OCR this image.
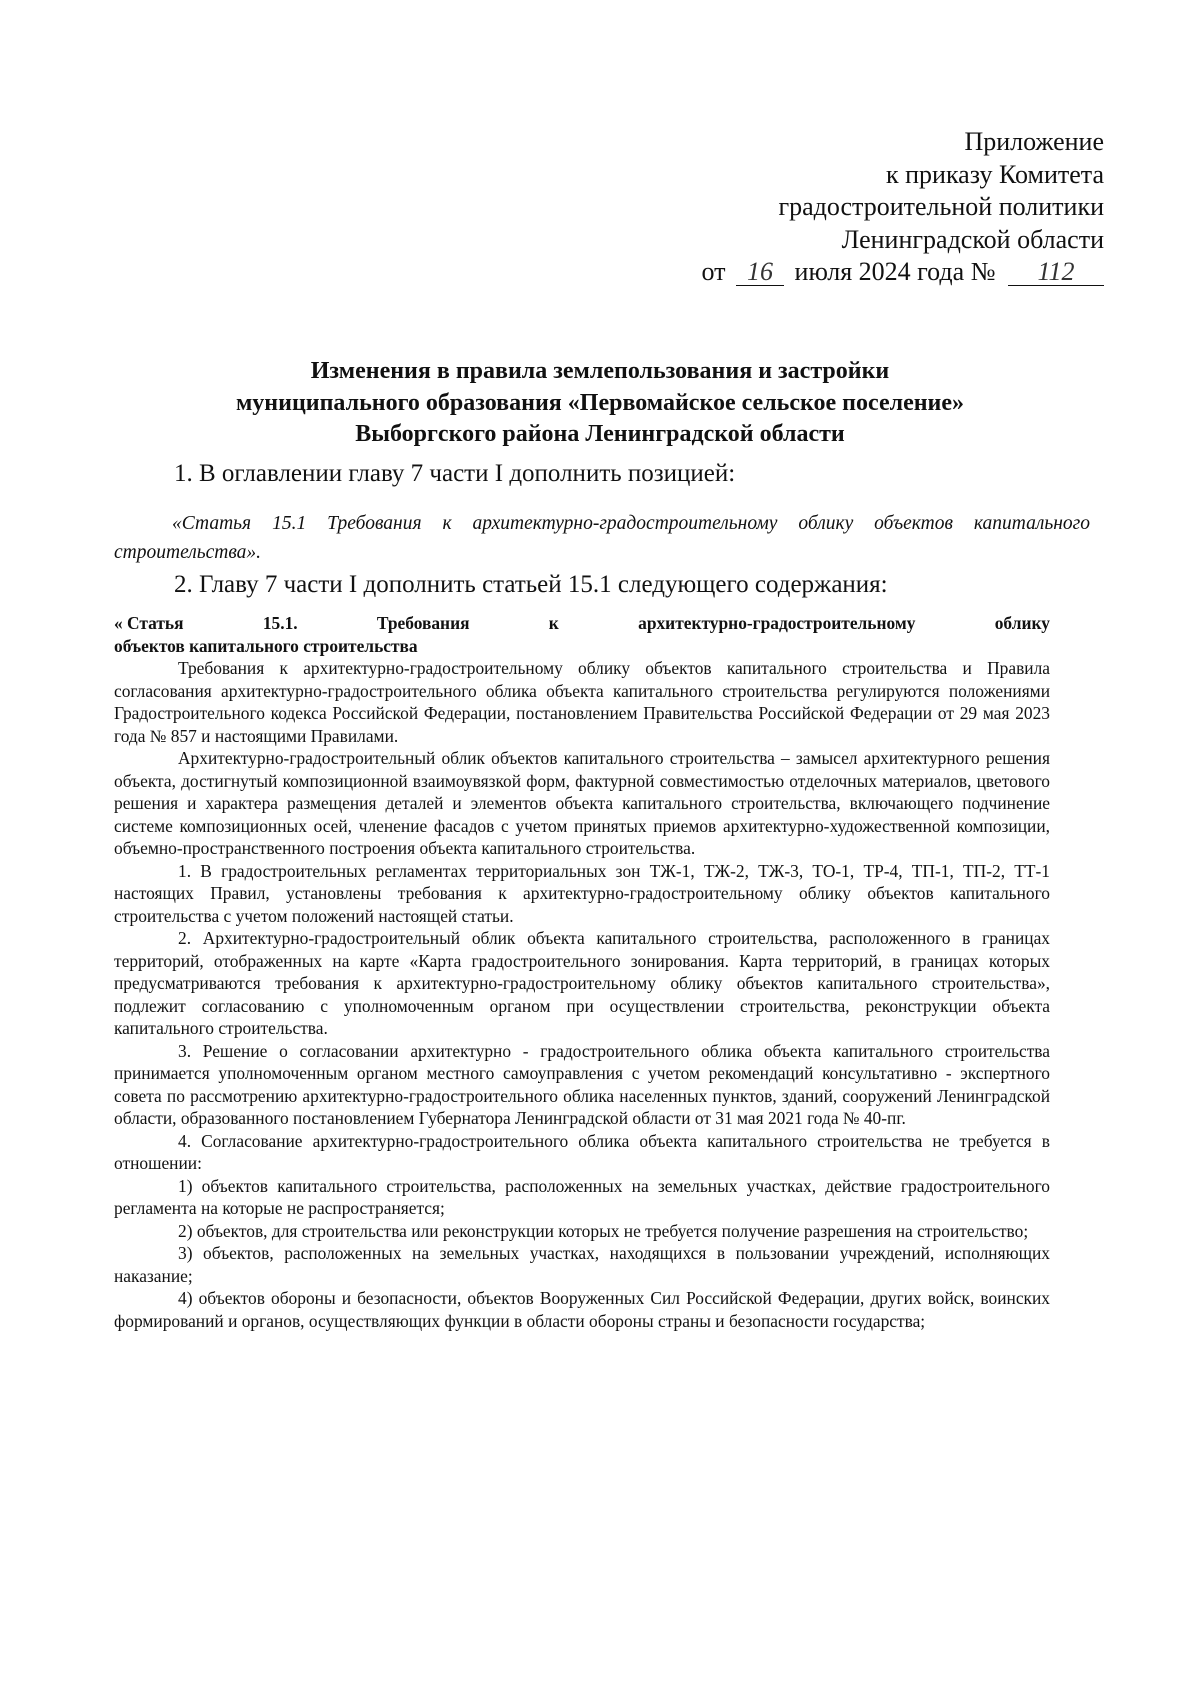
Приложение
к приказу Комитета
градостроительной политики
Ленинградской области
от 16 июля 2024 года № 112
Изменения в правила землепользования и застройки
муниципального образования «Первомайское сельское поселение»
Выборгского района Ленинградской области

1. В оглавлении главу 7 части I дополнить позицией:

«Статья 15.1 Требования к архитектурно-градостроительному облику объектов капитального строительства».

2. Главу 7 части I дополнить статьей 15.1 следующего содержания:

« Статья	15.1.	Требования	к	архитектурно-градостроительному	облику

объектов капитального строительства

Требования к архитектурно-градостроительному облику объектов капитального строительства и Правила согласования архитектурно-градостроительного облика объекта капитального строительства регулируются положениями Градостроительного кодекса Российской Федерации, постановлением Правительства Российской Федерации от 29 мая 2023 года № 857 и настоящими Правилами.

Архитектурно-градостроительный облик объектов капитального строительства – замысел архитектурного решения объекта, достигнутый композиционной взаимоувязкой форм, фактурной совместимостью отделочных материалов, цветового решения и характера размещения деталей и элементов объекта капитального строительства, включающего подчинение системе композиционных осей, членение фасадов с учетом принятых приемов архитектурно-художественной композиции, объемно-пространственного построения объекта капитального строительства.

1. В градостроительных регламентах территориальных зон ТЖ-1, ТЖ-2, ТЖ-3, ТО-1, ТР-4, ТП-1, ТП-2, ТТ-1 настоящих Правил, установлены требования к архитектурно-градостроительному облику объектов капитального строительства с учетом положений настоящей статьи.

2. Архитектурно-градостроительный облик объекта капитального строительства, расположенного в границах территорий, отображенных на карте «Карта градостроительного зонирования. Карта территорий, в границах которых предусматриваются требования к архитектурно-градостроительному облику объектов капитального строительства», подлежит согласованию с уполномоченным органом при осуществлении строительства, реконструкции объекта капитального строительства.

3. Решение о согласовании архитектурно - градостроительного облика объекта капитального строительства принимается уполномоченным органом местного самоуправления с учетом рекомендаций консультативно - экспертного совета по рассмотрению архитектурно-градостроительного облика населенных пунктов, зданий, сооружений Ленинградской области, образованного постановлением Губернатора Ленинградской области от 31 мая 2021 года № 40-пг.

4. Согласование архитектурно-градостроительного облика объекта капитального строительства не требуется в отношении:

1) объектов капитального строительства, расположенных на земельных участках, действие градостроительного регламента на которые не распространяется;

2) объектов, для строительства или реконструкции которых не требуется получение разрешения на строительство;

3) объектов, расположенных на земельных участках, находящихся в пользовании учреждений, исполняющих наказание;

4) объектов обороны и безопасности, объектов Вооруженных Сил Российской Федерации, других войск, воинских формирований и органов, осуществляющих функции в области обороны страны и безопасности государства;
